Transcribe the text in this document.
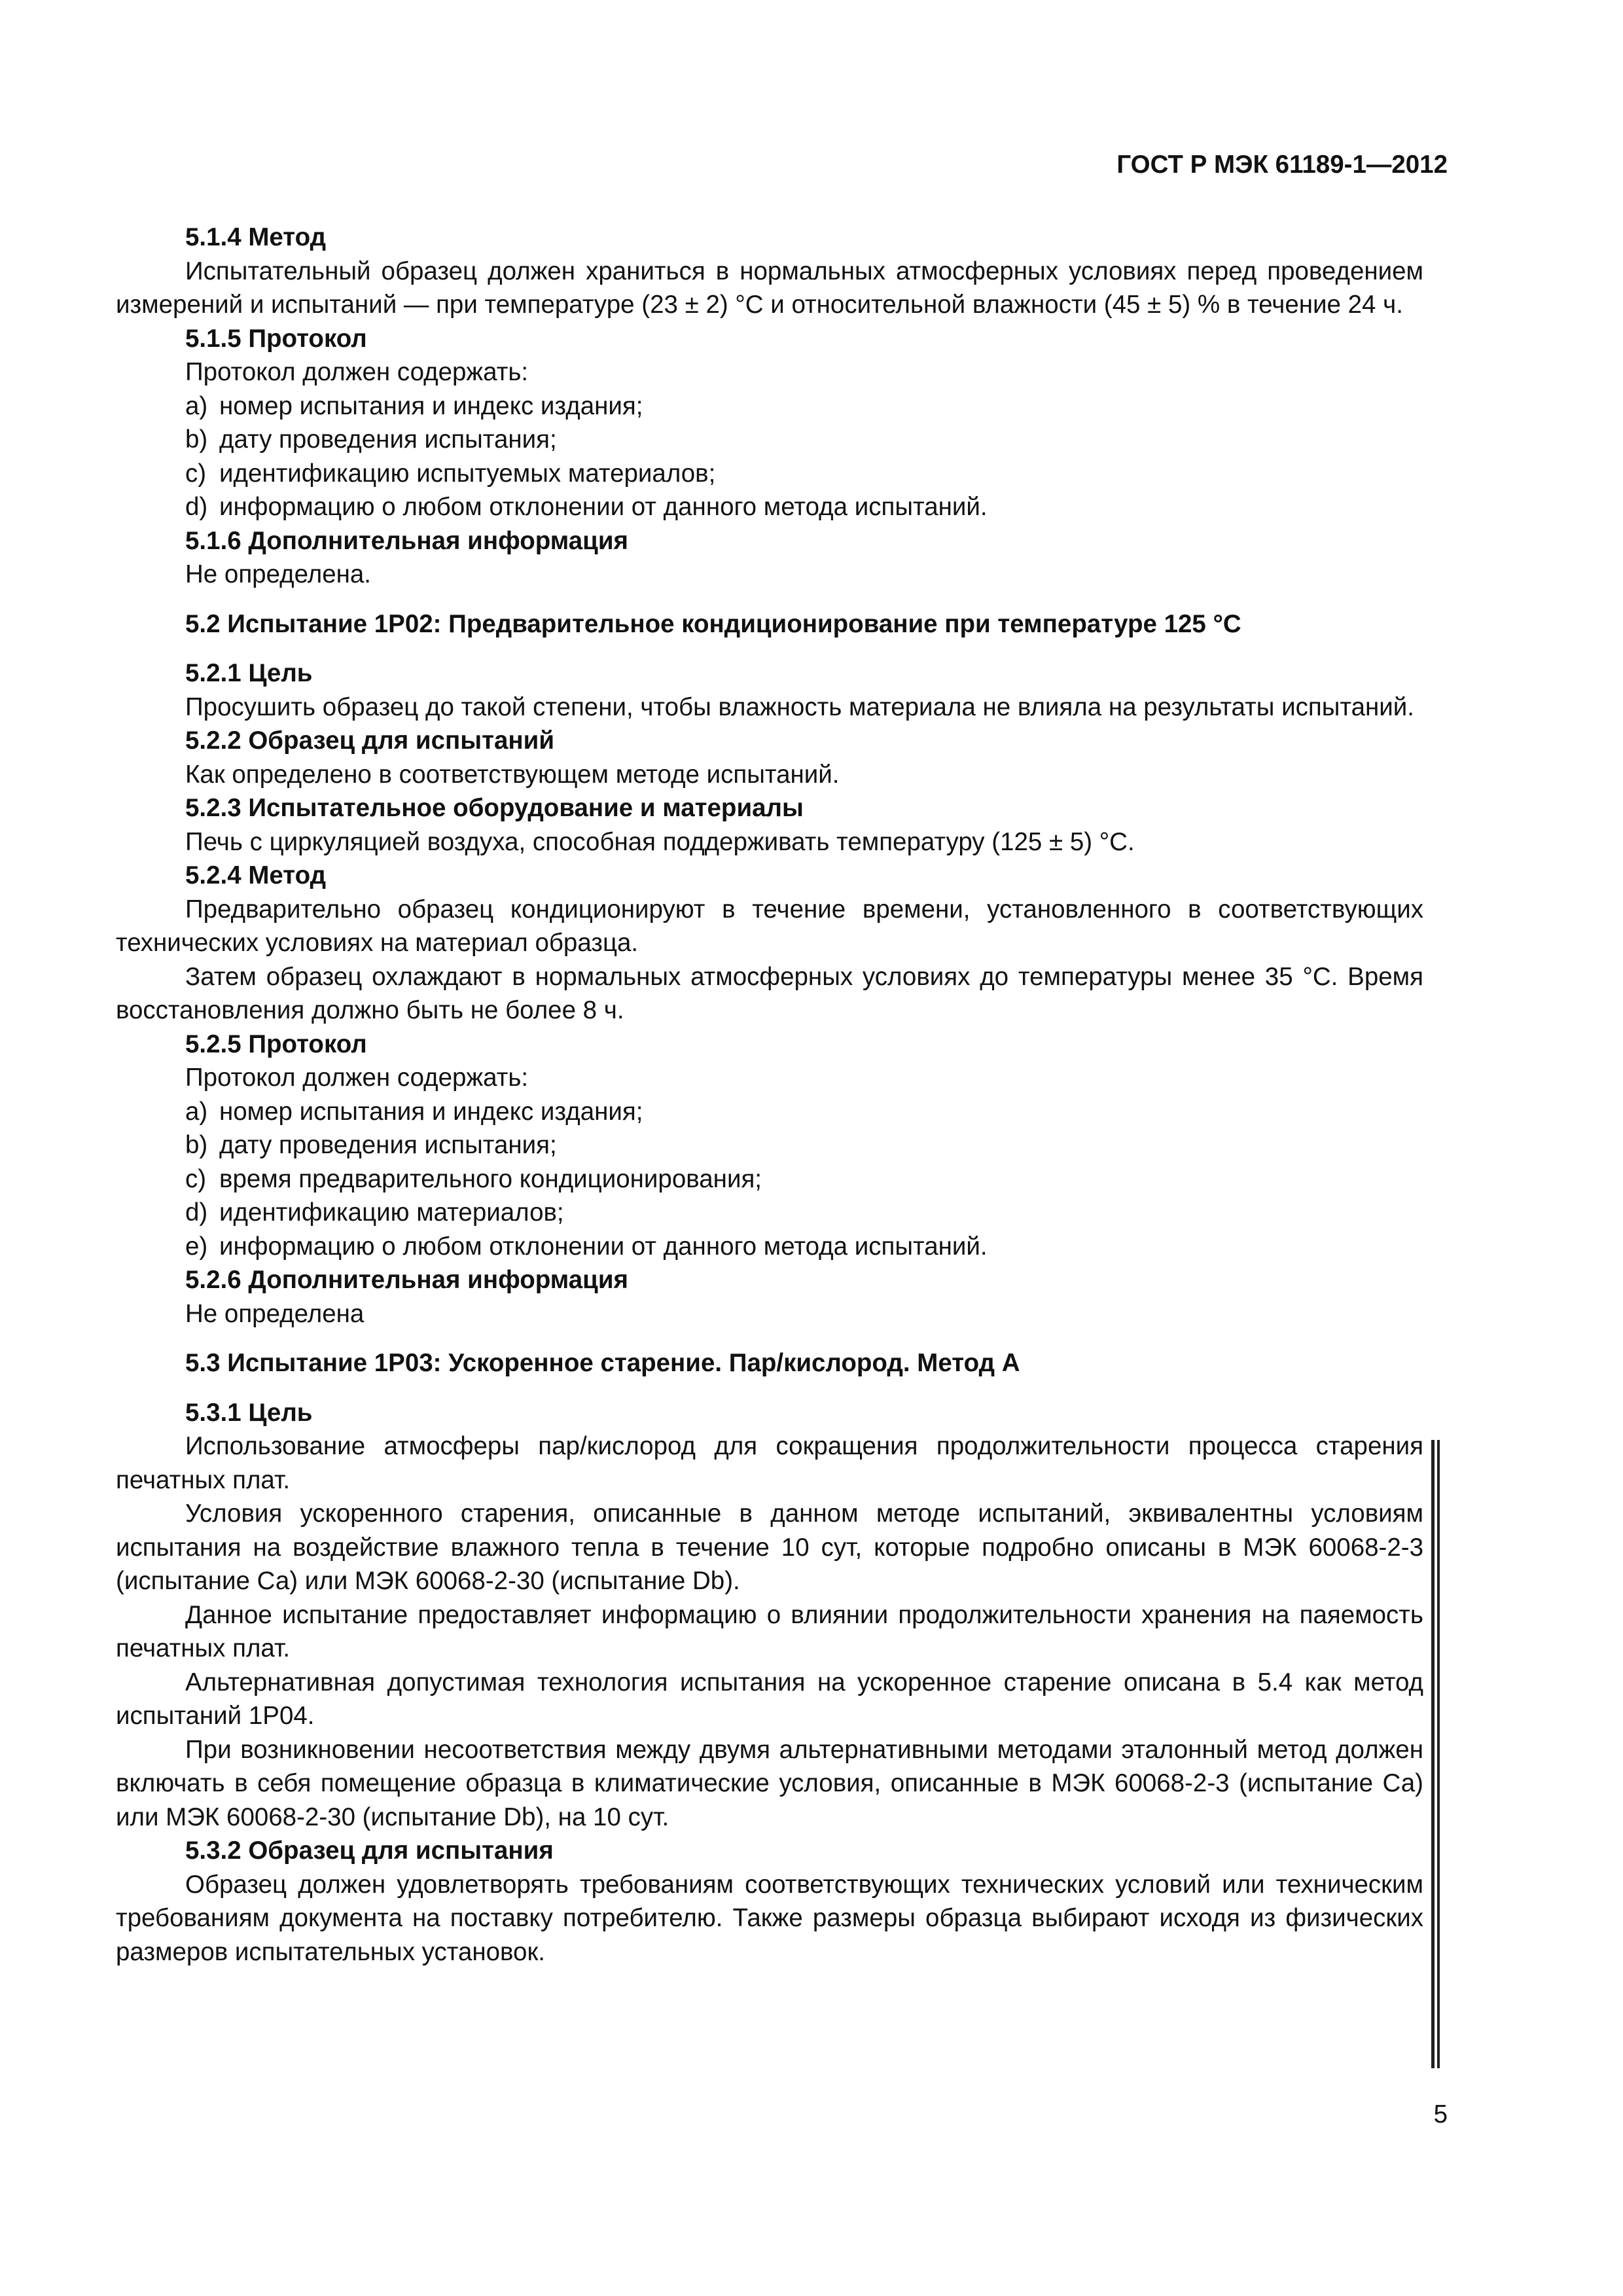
ГОСТ Р МЭК 61189-1—2012
5.1.4 Метод

Испытательный образец должен храниться в нормальных атмосферных условиях перед проведением измерений и испытаний — при температуре (23 ± 2) °С и относительной влажности (45 ± 5) % в течение 24 ч.

5.1.5 Протокол
Протокол должен содержать:
a) номер испытания и индекс издания;
b) дату проведения испытания;
c) идентификацию испытуемых материалов;
d) информацию о любом отклонении от данного метода испытаний.
5.1.6 Дополнительная информация
Не определена.
5.2 Испытание 1Р02: Предварительное кондиционирование при температуре 125 °С
5.2.1 Цель

Просушить образец до такой степени, чтобы влажность материала не влияла на результаты испытаний.

5.2.2 Образец для испытаний
Как определено в соответствующем методе испытаний.
5.2.3 Испытательное оборудование и материалы
Печь с циркуляцией воздуха, способная поддерживать температуру (125 ± 5) °С.
5.2.4 Метод

Предварительно образец кондиционируют в течение времени, установленного в соответствующих технических условиях на материал образца.

Затем образец охлаждают в нормальных атмосферных условиях до температуры менее 35 °С. Время восстановления должно быть не более 8 ч.

5.2.5 Протокол
Протокол должен содержать:
a) номер испытания и индекс издания;
b) дату проведения испытания;
c) время предварительного кондиционирования;
d) идентификацию материалов;
e) информацию о любом отклонении от данного метода испытаний.
5.2.6 Дополнительная информация
Не определена
5.3 Испытание 1Р03: Ускоренное старение. Пар/кислород. Метод А
5.3.1 Цель

Использование атмосферы пар/кислород для сокращения продолжительности процесса старения печатных плат.

Условия ускоренного старения, описанные в данном методе испытаний, эквивалентны условиям испытания на воздействие влажного тепла в течение 10 сут, которые подробно описаны в МЭК 60068-2-3 (испытание Са) или МЭК 60068-2-30 (испытание Db).

Данное испытание предоставляет информацию о влиянии продолжительности хранения на паяемость печатных плат.

Альтернативная допустимая технология испытания на ускоренное старение описана в 5.4 как метод испытаний 1Р04.

При возникновении несоответствия между двумя альтернативными методами эталонный метод должен включать в себя помещение образца в климатические условия, описанные в МЭК 60068-2-3 (испытание Са) или МЭК 60068-2-30 (испытание Db), на 10 сут.

5.3.2 Образец для испытания

Образец должен удовлетворять требованиям соответствующих технических условий или техническим требованиям документа на поставку потребителю. Также размеры образца выбирают исходя из физических размеров испытательных установок.

5
